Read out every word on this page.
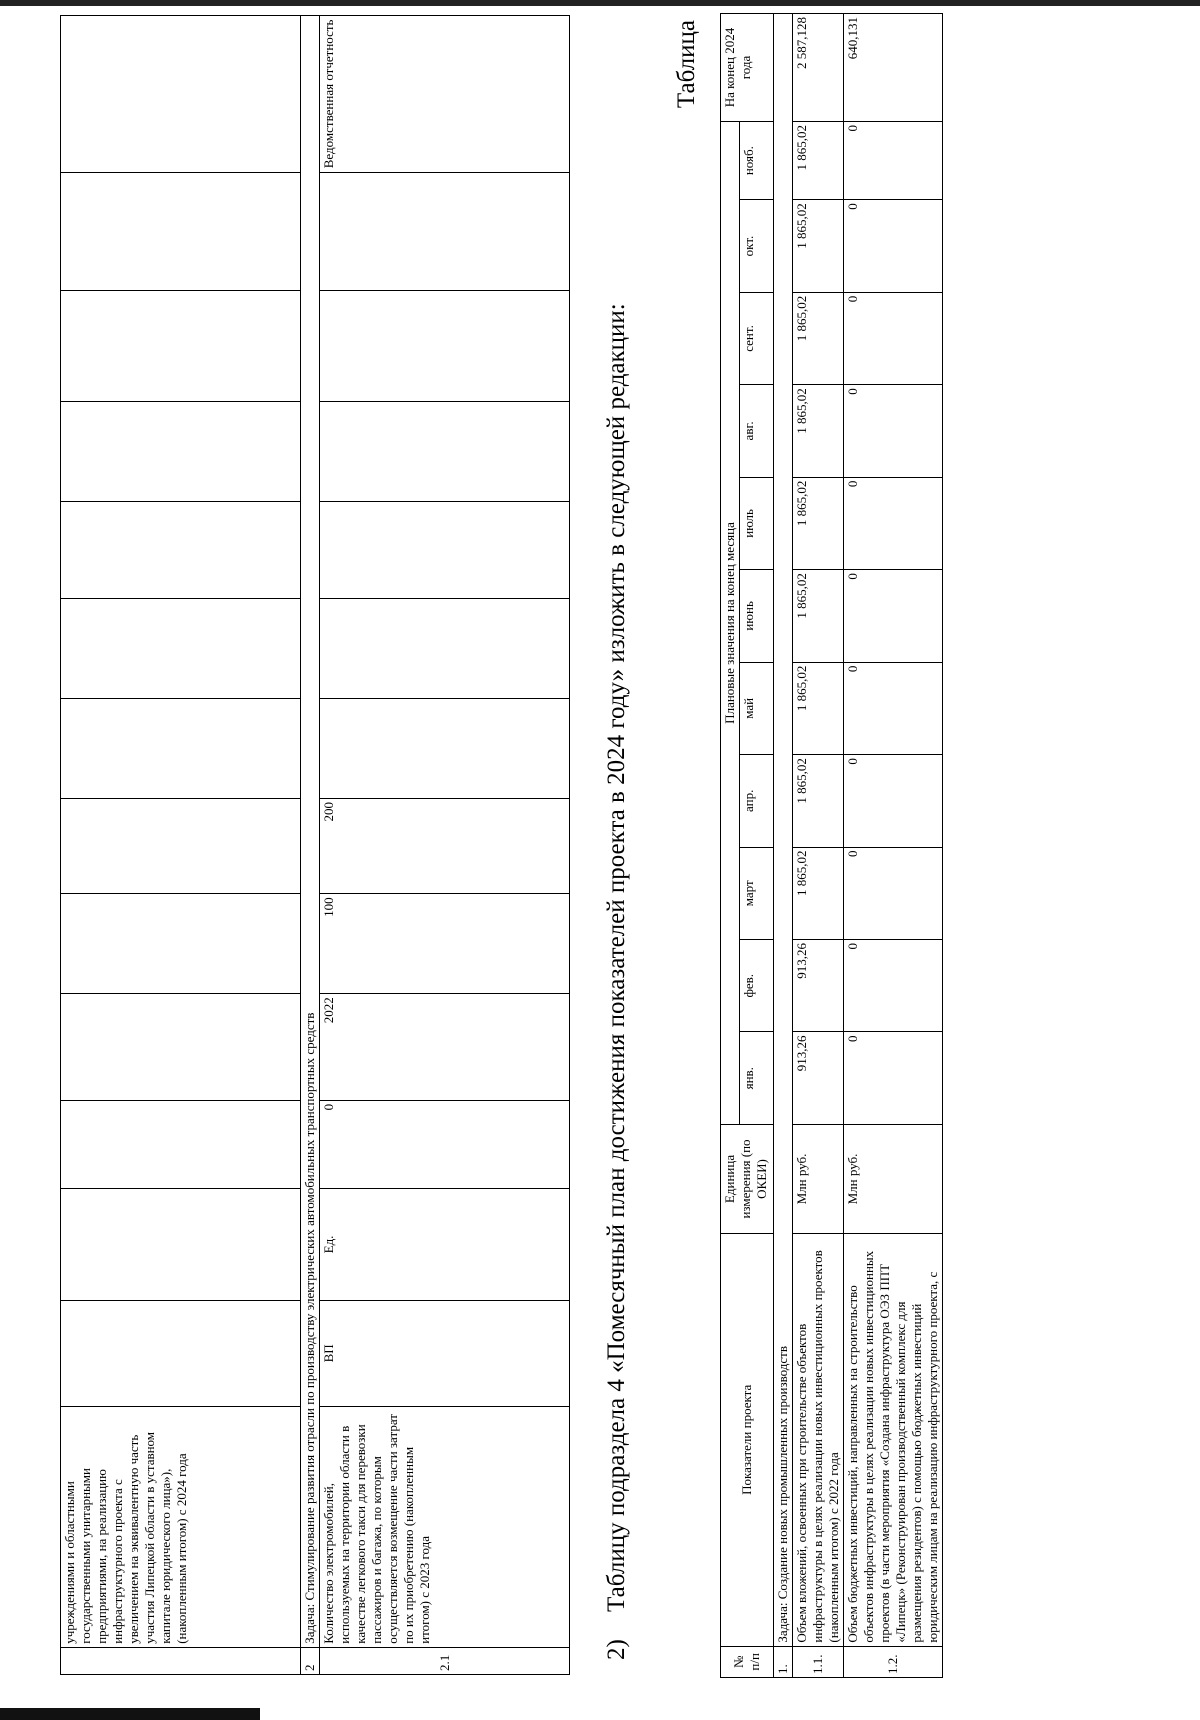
	учреждениями и областными государственными унитарными предприятиями, на реализацию инфраструктурного проекта с увеличением на эквивалентную часть участия Липецкой области в уставном капитале юридического лица»), (накопленным итогом) с 2024 года													
2	Задача: Стимулирование развития отрасли по производству электрических автомобильных транспортных средств													
2.1	Количество электромобилей, используемых на территории области в качестве легкового такси для перевозки пассажиров и багажа, по которым осуществляется возмещение части затрат по их приобретению (накопленным итогом) с 2023 года	ВП	Ед.	0	2022	100	200							Ведомственная отчетность
2)Таблицу подраздела 4 «Помесячный план достижения показателей проекта в 2024 году» изложить в следующей редакции:
Таблица
№ п/п	Показатели проекта	Единица измерения (по ОКЕИ)	Плановые значения на конец месяца											На конец 2024 года
			янв.	фев.	март	апр.	май	июнь	июль	авг.	сент.	окт.	нояб.	
1.	Задача: Создание новых промышленных производств													
1.1.	Объем вложений, освоенных при строительстве объектов инфраструктуры в целях реализации новых инвестиционных проектов (накопленным итогом) с 2022 года	Млн руб.	913,26	913,26	1 865,02	1 865,02	1 865,02	1 865,02	1 865,02	1 865,02	1 865,02	1 865,02	1 865,02	2 587,128
1.2.	Объем бюджетных инвестиций, направленных на строительство объектов инфраструктуры в целях реализации новых инвестиционных проектов (в части мероприятия «Создана инфраструктура ОЭЗ ППТ «Липецк» (Реконструирован производственный комплекс для размещения резидентов) с помощью бюджетных инвестиций юридическим лицам на реализацию инфраструктурного проекта, с	Млн руб.	0	0	0	0	0	0	0	0	0	0	0	640,131
